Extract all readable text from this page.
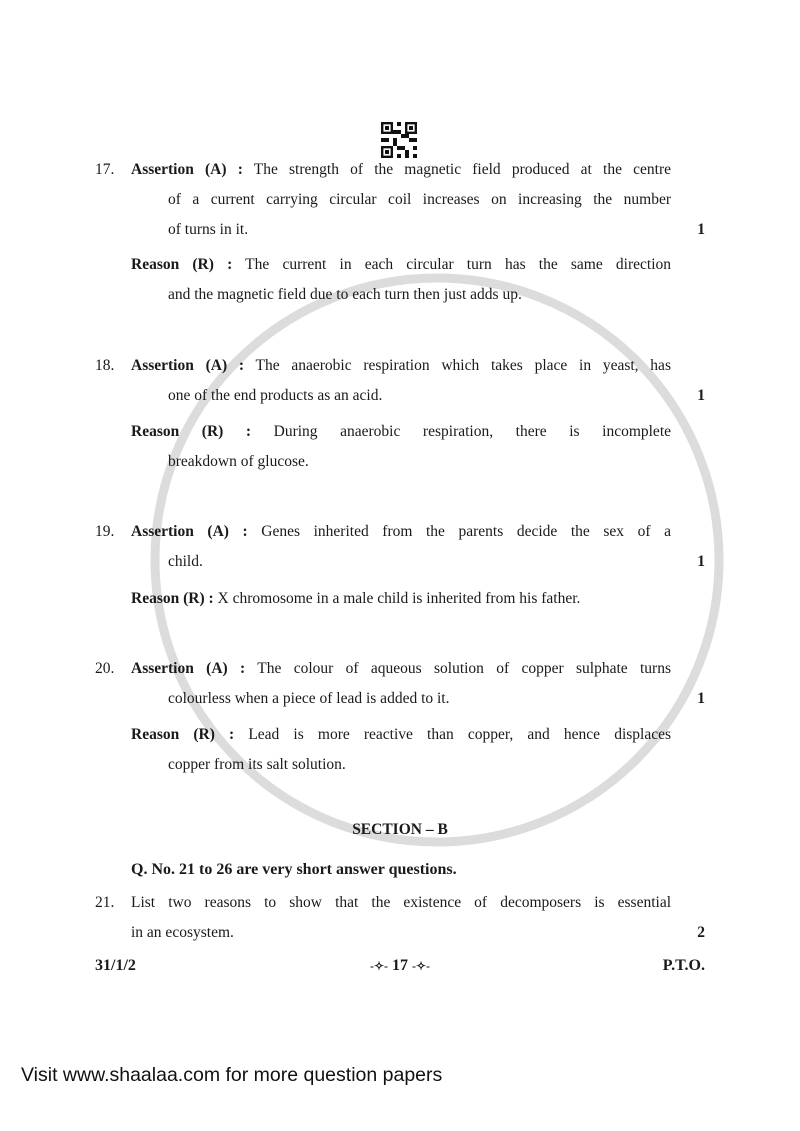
17. Assertion (A) : The strength of the magnetic field produced at the centre
of a current carrying circular coil increases on increasing the number
of turns in it.	1
Reason (R) : The current in each circular turn has the same direction
and the magnetic field due to each turn then just adds up.
18. Assertion (A) : The anaerobic respiration which takes place in yeast, has
one of the end products as an acid.	1
Reason (R) : During anaerobic respiration, there is incomplete
breakdown of glucose.
19. Assertion (A) : Genes inherited from the parents decide the sex of a
child.	1
Reason (R) : X chromosome in a male child is inherited from his father.
20. Assertion (A) : The colour of aqueous solution of copper sulphate turns
colourless when a piece of lead is added to it.	1
Reason (R) : Lead is more reactive than copper, and hence displaces
copper from its salt solution.
SECTION – B
Q. No. 21 to 26 are very short answer questions.
21. List two reasons to show that the existence of decomposers is essential
in an ecosystem.	2
31/1/2	-✧- 17 -✧-	P.T.O.
Visit www.shaalaa.com for more question papers
